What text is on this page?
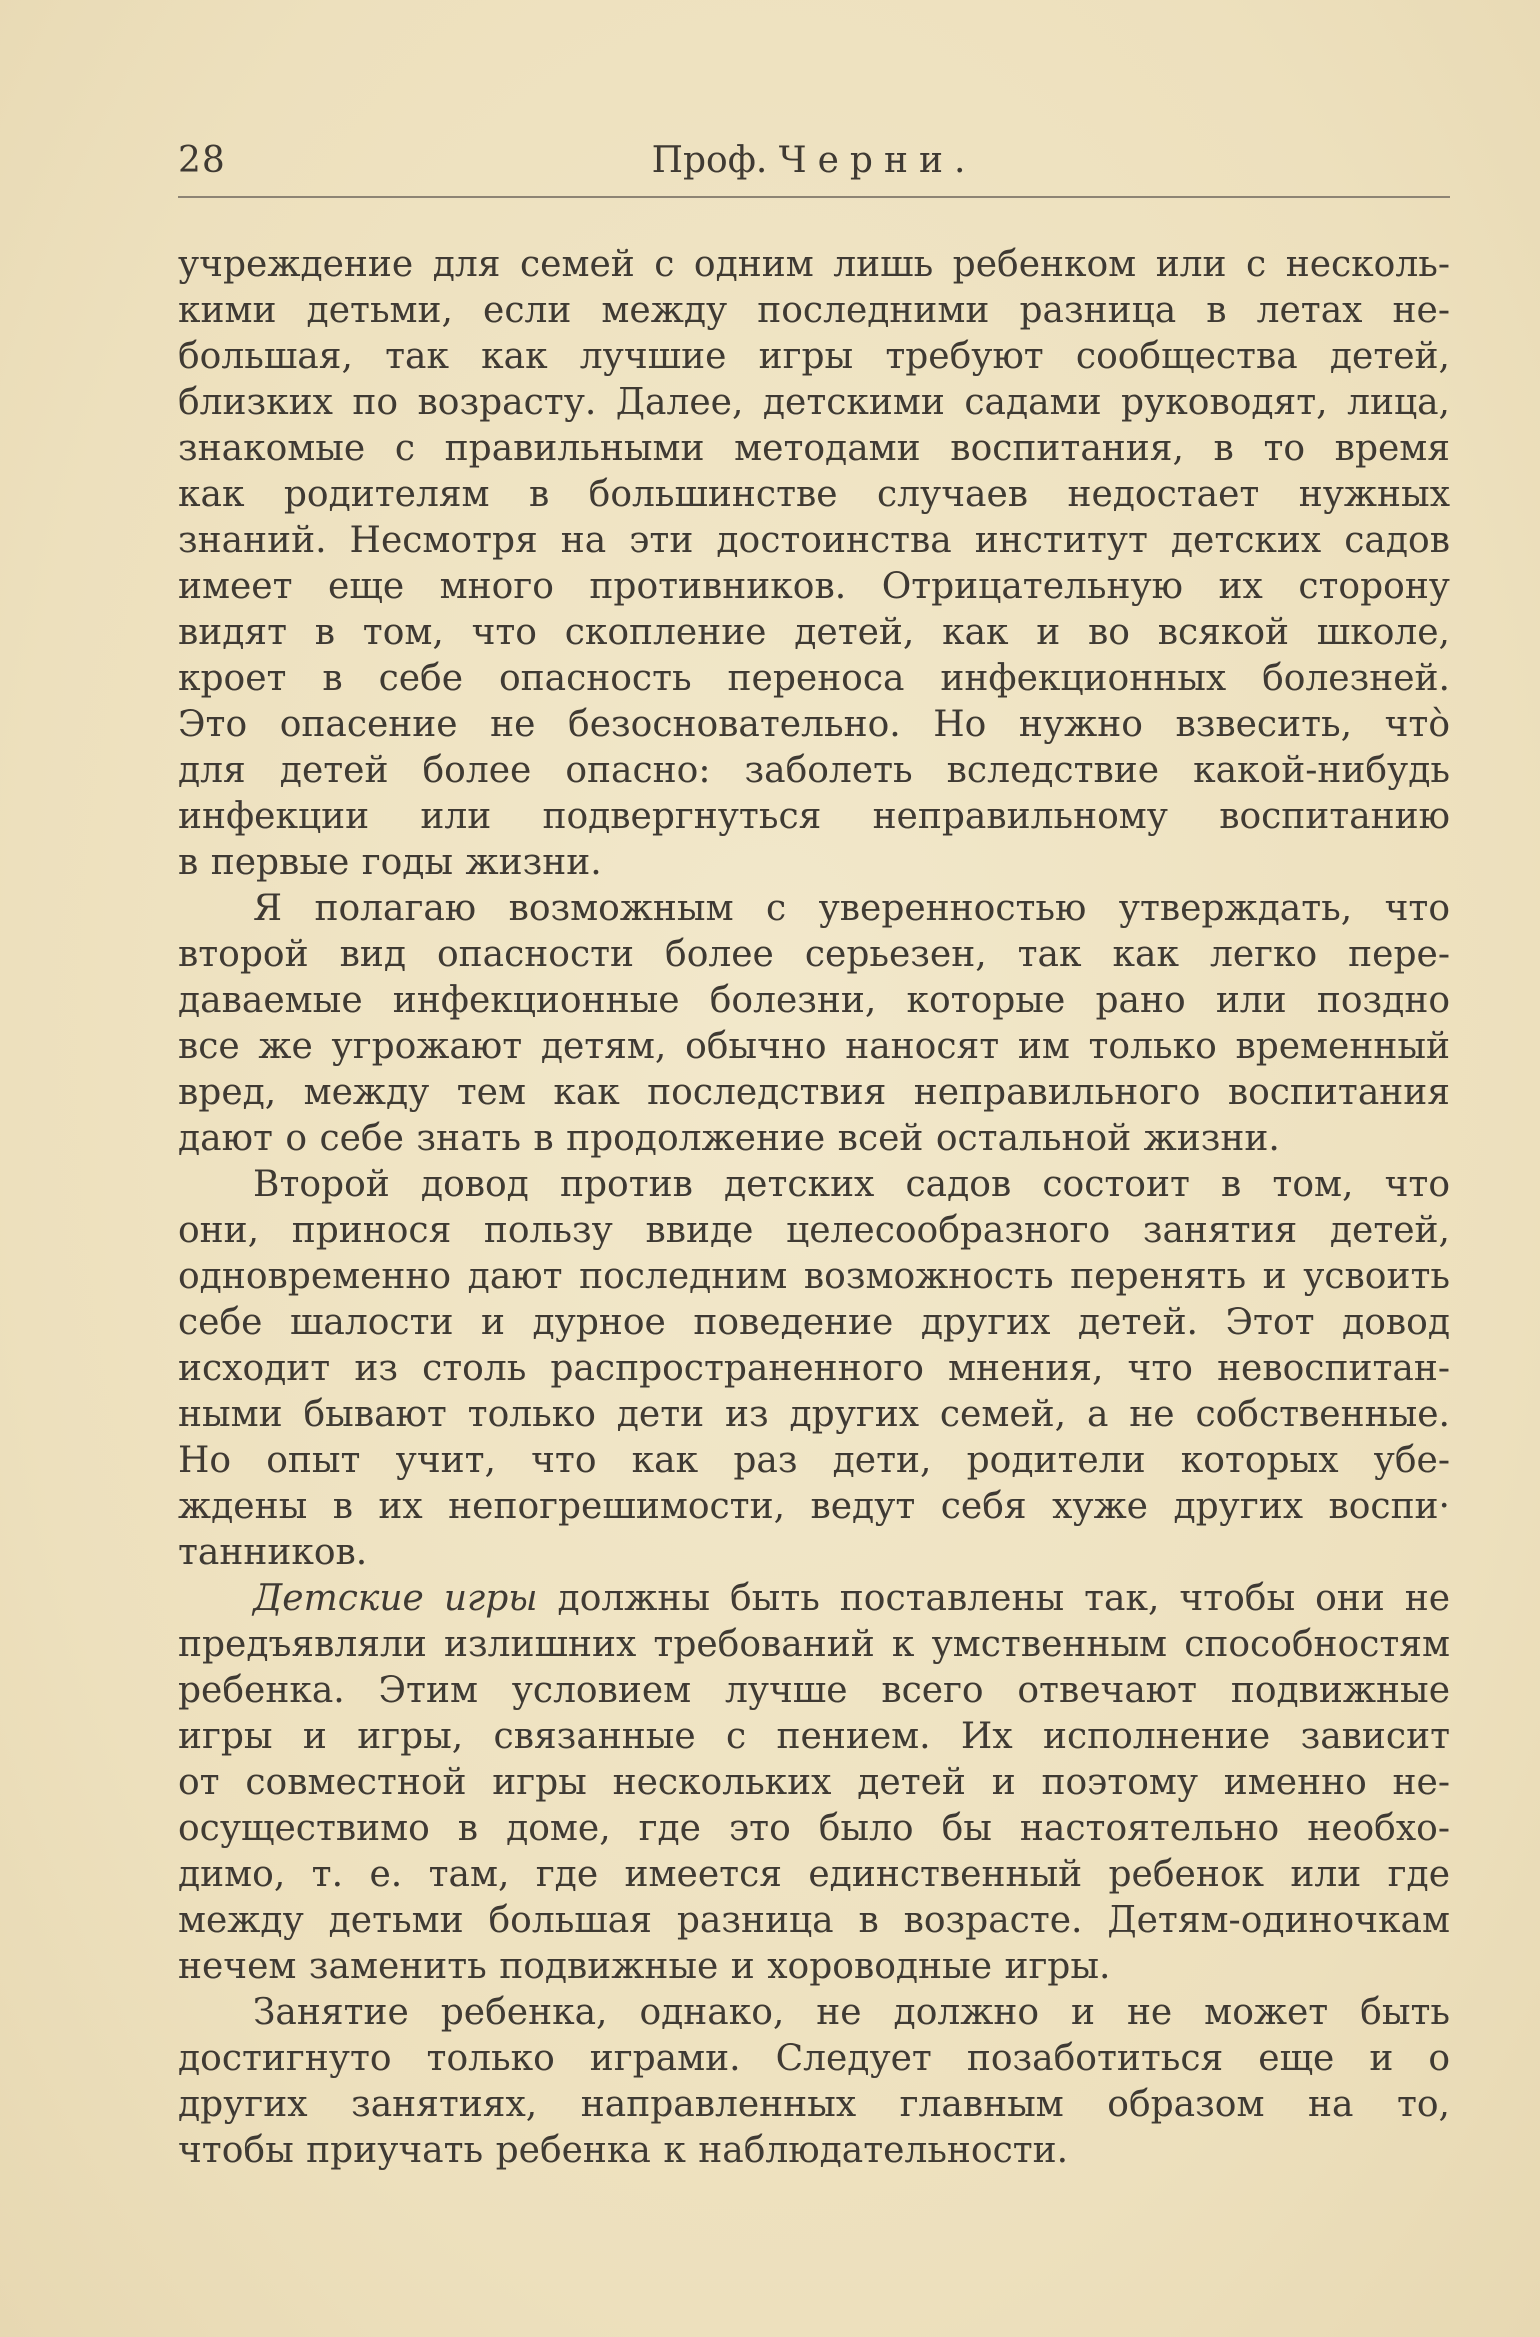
28	Проф. Черни.
учреждение для семей с одним лишь ребенком или с несколь-
кими детьми, если между последними разница в летах не-
большая, так как лучшие игры требуют сообщества детей,
близких по возрасту. Далее, детскими садами руководят, лица,
знакомые с правильными методами воспитания, в то время
как родителям в большинстве случаев недостает нужных
знаний. Несмотря на эти достоинства институт детских садов
имеет еще много противников. Отрицательную их сторону
видят в том, что скопление детей, как и во всякой школе,
кроет в себе опасность переноса инфекционных болезней.
Это опасение не безосновательно. Но нужно взвесить, что̀
для детей более опасно: заболеть вследствие какой-нибудь
инфекции или подвергнуться неправильному воспитанию
в первые годы жизни.
Я полагаю возможным с уверенностью утверждать, что
второй вид опасности более серьезен, так как легко пере-
даваемые инфекционные болезни, которые рано или поздно
все же угрожают детям, обычно наносят им только временный
вред, между тем как последствия неправильного воспитания
дают о себе знать в продолжение всей остальной жизни.
Второй довод против детских садов состоит в том, что
они, принося пользу ввиде целесообразного занятия детей,
одновременно дают последним возможность перенять и усвоить
себе шалости и дурное поведение других детей. Этот довод
исходит из столь распространенного мнения, что невоспитан-
ными бывают только дети из других семей, а не собственные.
Но опыт учит, что как раз дети, родители которых убе-
ждены в их непогрешимости, ведут себя хуже других воспи·
танников.
Детские игры должны быть поставлены так, чтобы они не
предъявляли излишних требований к умственным способностям
ребенка. Этим условием лучше всего отвечают подвижные
игры и игры, связанные с пением. Их исполнение зависит
от совместной игры нескольких детей и поэтому именно не-
осуществимо в доме, где это было бы настоятельно необхо-
димо, т. е. там, где имеется единственный ребенок или где
между детьми большая разница в возрасте. Детям-одиночкам
нечем заменить подвижные и хороводные игры.
Занятие ребенка, однако, не должно и не может быть
достигнуто только играми. Следует позаботиться еще и о
других занятиях, направленных главным образом на то,
чтобы приучать ребенка к наблюдательности.
